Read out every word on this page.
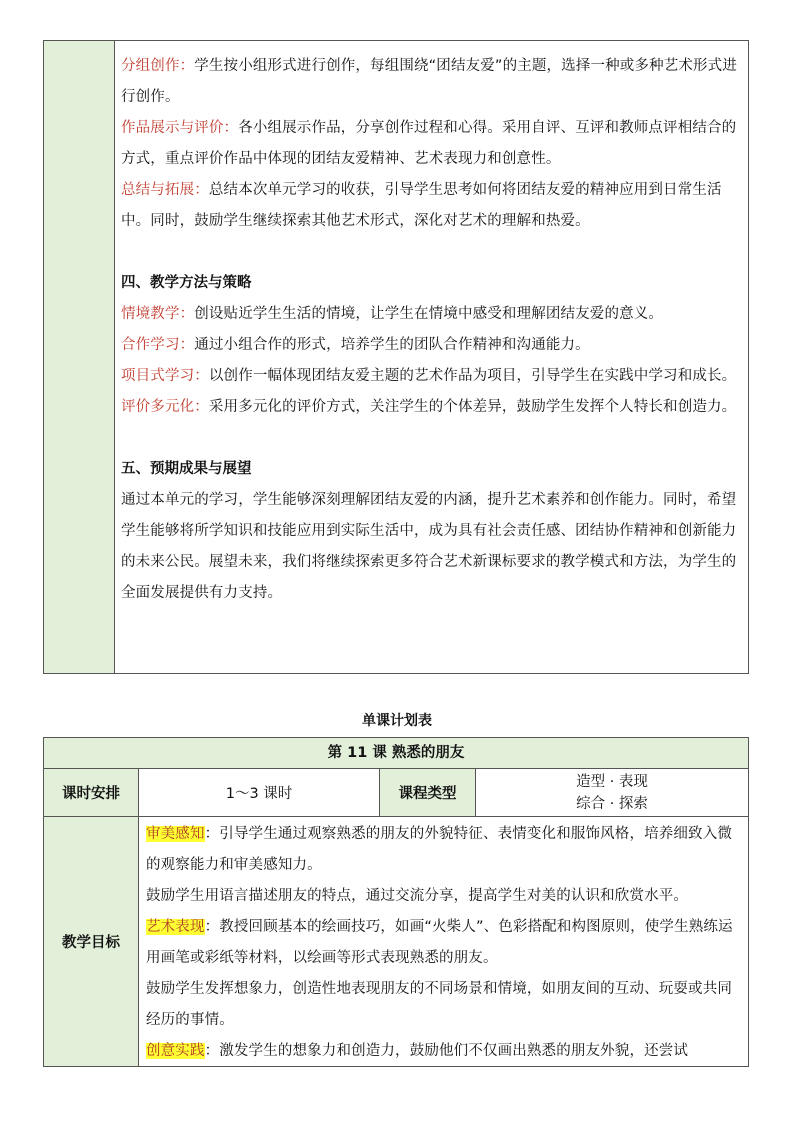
分组创作：学生按小组形式进行创作，每组围绕“团结友爱”的主题，选择一种或多种艺术形式进行创作。

作品展示与评价：各小组展示作品，分享创作过程和心得。采用自评、互评和教师点评相结合的方式，重点评价作品中体现的团结友爱精神、艺术表现力和创意性。

总结与拓展：总结本次单元学习的收获，引导学生思考如何将团结友爱的精神应用到日常生活中。同时，鼓励学生继续探索其他艺术形式，深化对艺术的理解和热爱。

四、教学方法与策略

情境教学：创设贴近学生生活的情境，让学生在情境中感受和理解团结友爱的意义。

合作学习：通过小组合作的形式，培养学生的团队合作精神和沟通能力。

项目式学习：以创作一幅体现团结友爱主题的艺术作品为项目，引导学生在实践中学习和成长。

评价多元化：采用多元化的评价方式，关注学生的个体差异，鼓励学生发挥个人特长和创造力。

五、预期成果与展望

通过本单元的学习，学生能够深刻理解团结友爱的内涵，提升艺术素养和创作能力。同时，希望学生能够将所学知识和技能应用到实际生活中，成为具有社会责任感、团结协作精神和创新能力的未来公民。展望未来，我们将继续探索更多符合艺术新课标要求的教学模式和方法，为学生的全面发展提供有力支持。

单课计划表
第 11 课 熟悉的朋友
课时安排	1～3 课时	课程类型
造型 · 表现
综合 · 探索
教学目标

审美感知：引导学生通过观察熟悉的朋友的外貌特征、表情变化和服饰风格，培养细致入微的观察能力和审美感知力。

鼓励学生用语言描述朋友的特点，通过交流分享，提高学生对美的认识和欣赏水平。

艺术表现：教授回顾基本的绘画技巧，如画“火柴人”、色彩搭配和构图原则，使学生熟练运用画笔或彩纸等材料，以绘画等形式表现熟悉的朋友。

鼓励学生发挥想象力，创造性地表现朋友的不同场景和情境，如朋友间的互动、玩耍或共同经历的事情。

创意实践：激发学生的想象力和创造力，鼓励他们不仅画出熟悉的朋友外貌，还尝试
